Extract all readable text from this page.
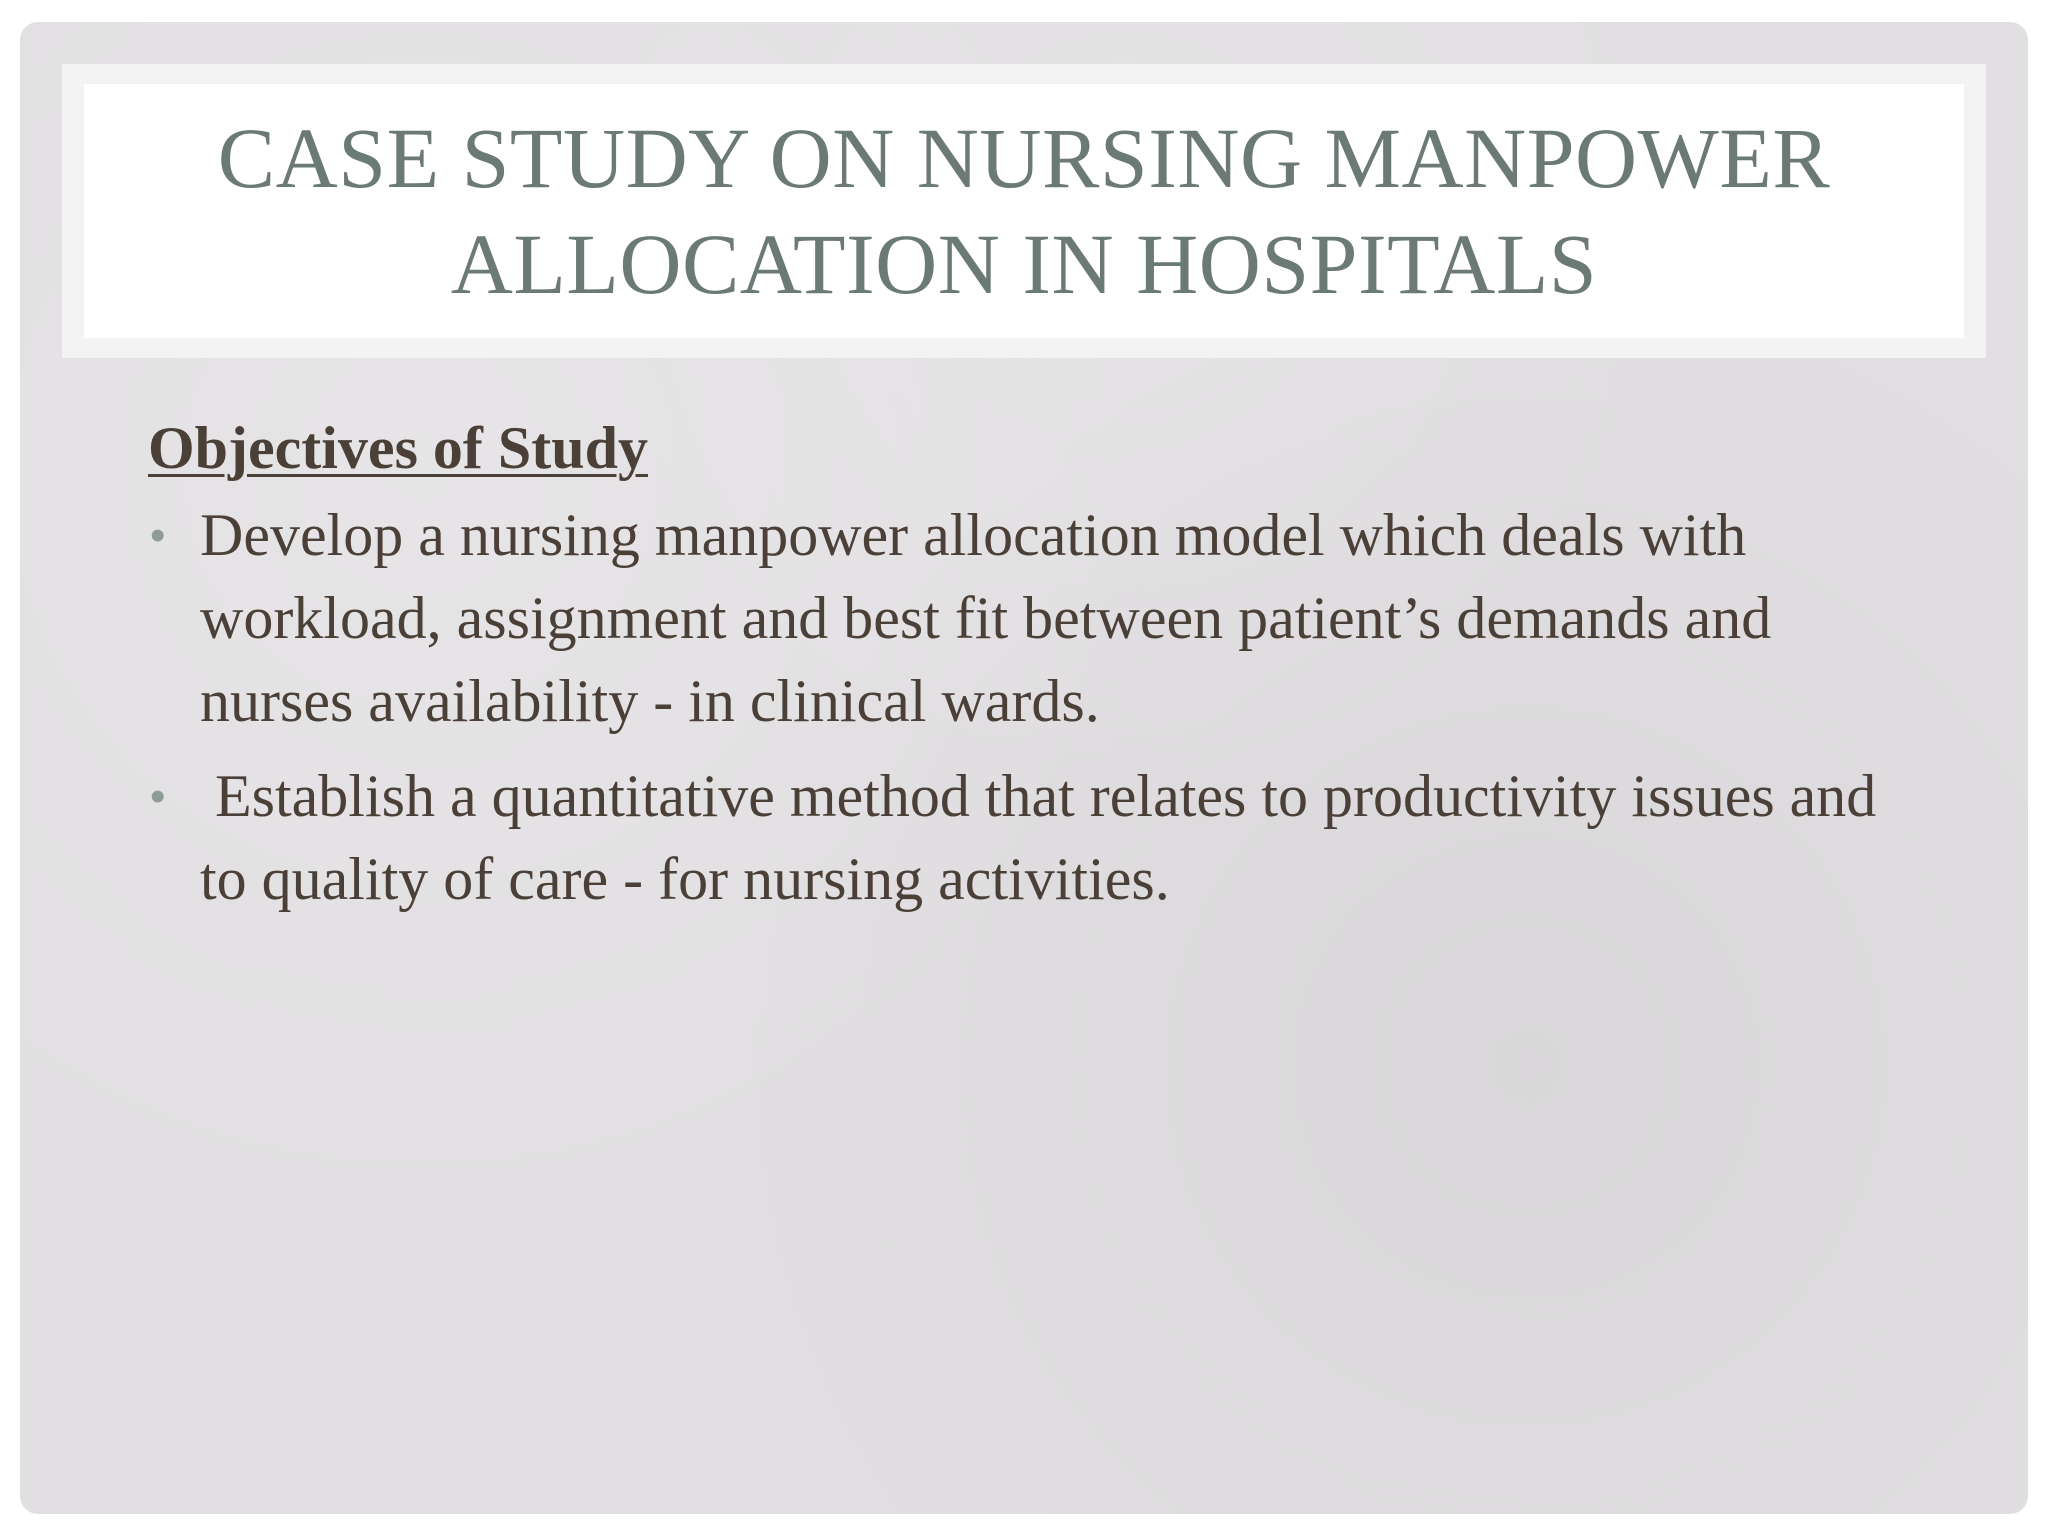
CASE STUDY ON NURSING MANPOWER ALLOCATION IN HOSPITALS
Objectives of Study
• Develop a nursing manpower allocation model which deals with workload, assignment and best fit between patient’s demands and nurses availability - in clinical wards.
• Establish a quantitative method that relates to productivity issues and to quality of care - for nursing activities.
